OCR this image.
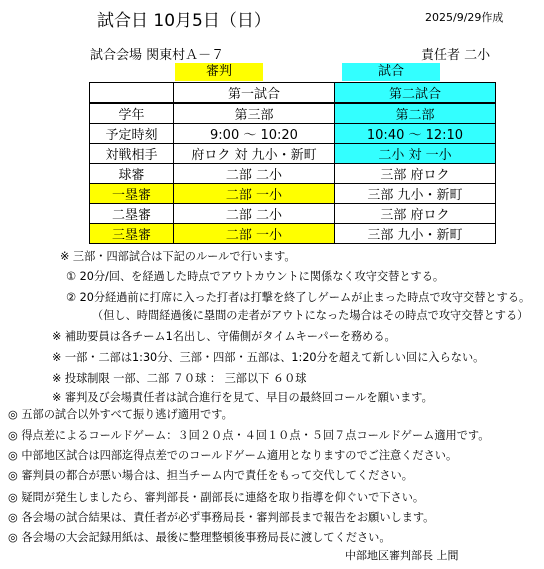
試合日 10月5日（日）	2025/9/29作成
試合会場 関東村Ａ－７	責任者 二小
審判	試合
	第一試合	第二試合
学年	第三部	第二部
予定時刻	9:00 ～ 10:20	10:40 ～ 12:10
対戦相手	府ロク 対 九小・新町	二小 対 一小
球審	二部 二小	三部 府ロク
一塁審	二部 一小	三部 九小・新町
二塁審	二部 二小	三部 府ロク
三塁審	二部 一小	三部 九小・新町
※ 三部・四部試合は下記のルールで行います。
① 20分/回、を経過した時点でアウトカウントに関係なく攻守交替とする。
② 20分経過前に打席に入った打者は打撃を終了しゲームが止まった時点で攻守交替とする。
（但し、時間経過後に塁間の走者がアウトになった場合はその時点で攻守交替とする）
※ 補助要員は各チーム1名出し、守備側がタイムキーパーを務める。
※ 一部・二部は1:30分、三部・四部・五部は、1:20分を超えて新しい回に入らない。
※ 投球制限 一部、二部 ７０球 ： 三部以下 ６０球
※ 審判及び会場責任者は試合進行を見て、早目の最終回コールを願います。
◎ 五部の試合以外すべて振り逃げ適用です。
◎ 得点差によるコールドゲーム：３回２０点・４回１０点・５回７点コールドゲーム適用です。
◎ 中部地区試合は四部迄得点差でのコールドゲーム適用となりますのでご注意ください。
◎ 審判員の都合が悪い場合は、担当チーム内で責任をもって交代してください。
◎ 疑問が発生しましたら、審判部長・副部長に連絡を取り指導を仰ぐいで下さい。
◎ 各会場の試合結果は、責任者が必ず事務局長・審判部長まで報告をお願いします。
◎ 各会場の大会記録用紙は、最後に整理整頓後事務局長に渡してください。
中部地区審判部長 上間
